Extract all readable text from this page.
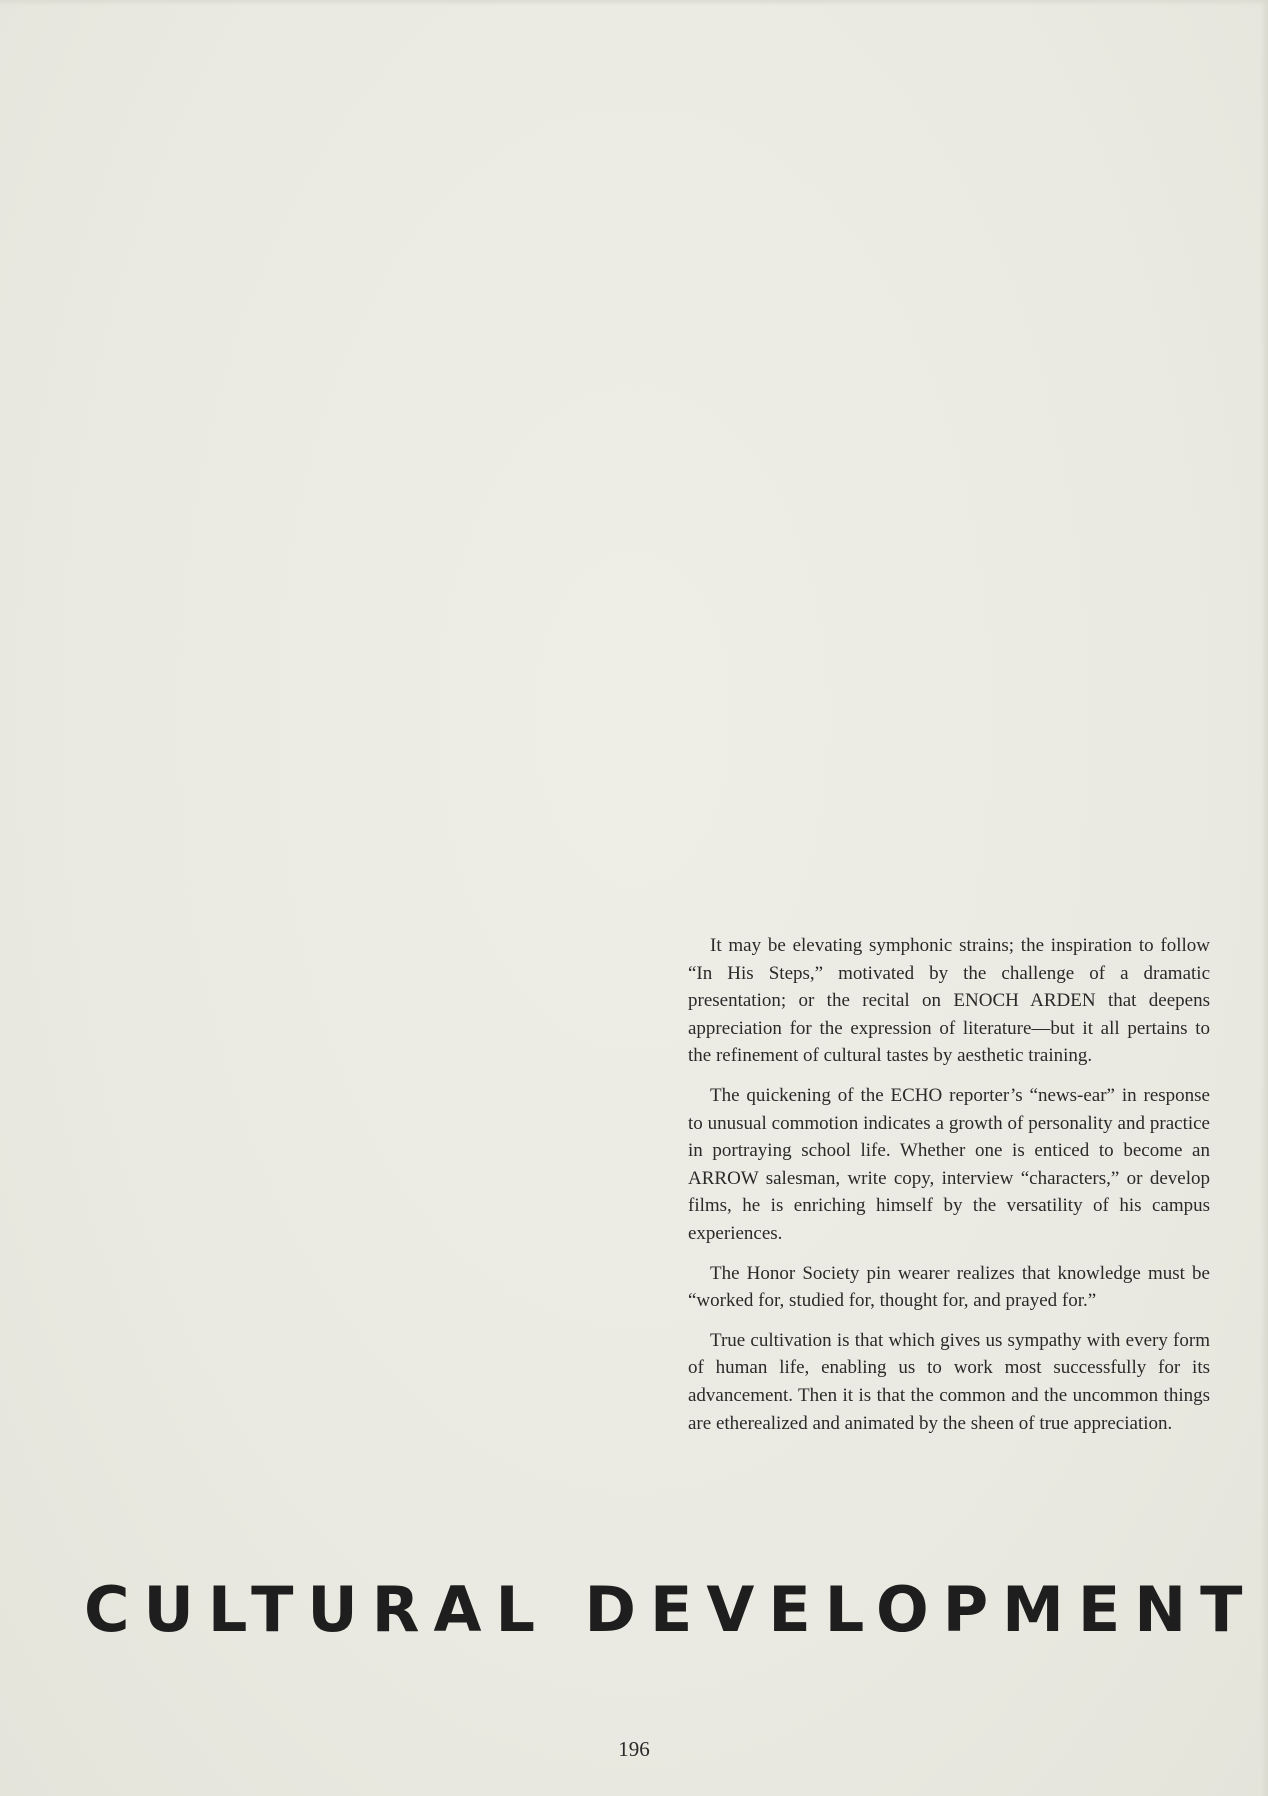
It may be elevating symphonic strains; the inspiration to follow “In His Steps,” motivated by the challenge of a dramatic presentation; or the recital on ENOCH ARDEN that deepens appreciation for the expression of literature—but it all pertains to the refinement of cultural tastes by aesthetic training.

The quickening of the ECHO reporter’s “news-ear” in response to unusual commotion indicates a growth of personality and practice in portraying school life. Whether one is enticed to become an ARROW salesman, write copy, interview “characters,” or develop films, he is enriching himself by the versatility of his campus experiences.

The Honor Society pin wearer realizes that knowledge must be “worked for, studied for, thought for, and prayed for.”

True cultivation is that which gives us sympathy with every form of human life, enabling us to work most successfully for its advancement. Then it is that the common and the uncommon things are etherealized and animated by the sheen of true appreciation.

CULTURAL DEVELOPMENT
196
